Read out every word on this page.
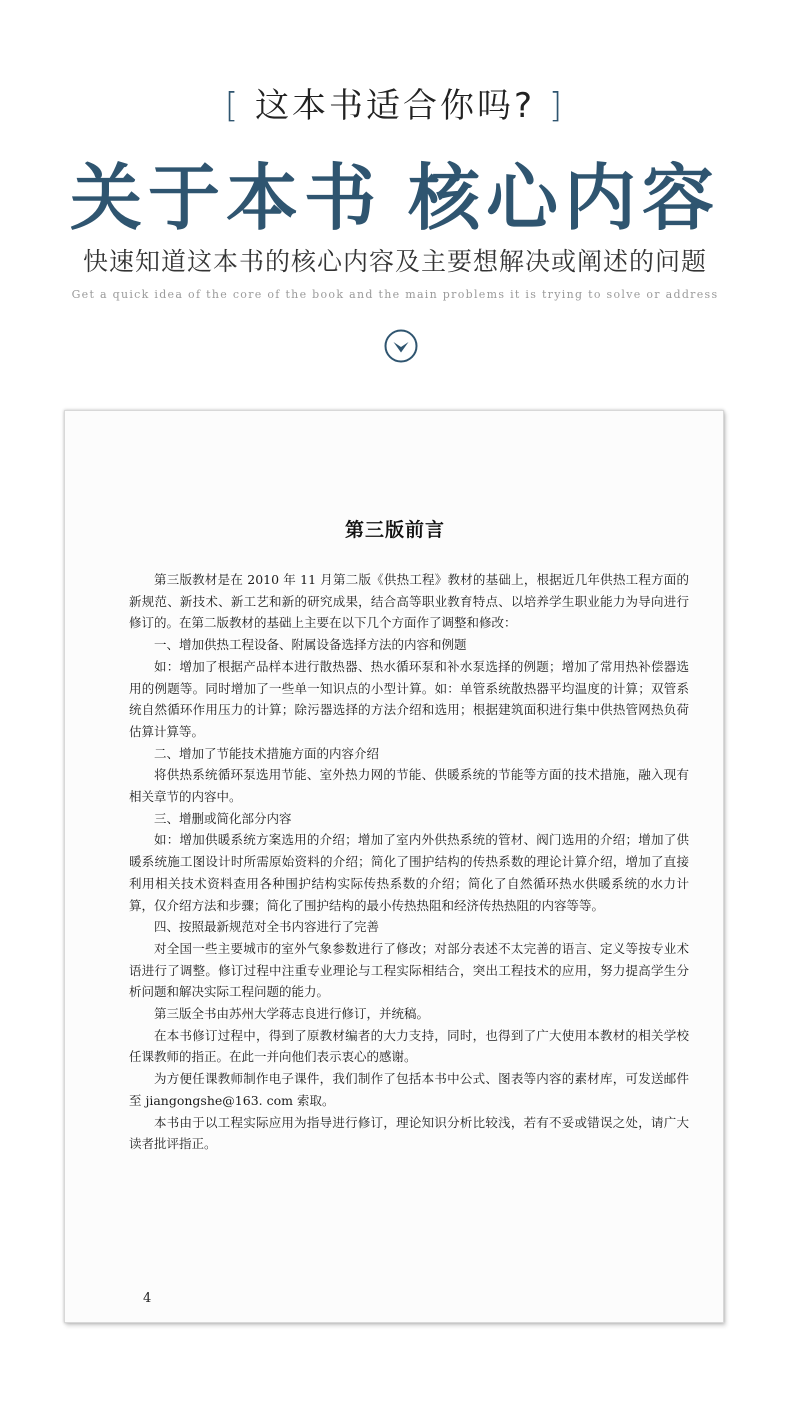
[ 这本书适合你吗? ]
关于本书 核心内容
快速知道这本书的核心内容及主要想解决或阐述的问题
Get a quick idea of the core of the book and the main problems it is trying to solve or address
第三版前言

第三版教材是在 2010 年 11 月第二版《供热工程》教材的基础上，根据近几年供热工程方面的新规范、新技术、新工艺和新的研究成果，结合高等职业教育特点、以培养学生职业能力为导向进行修订的。在第二版教材的基础上主要在以下几个方面作了调整和修改：

一、增加供热工程设备、附属设备选择方法的内容和例题

如：增加了根据产品样本进行散热器、热水循环泵和补水泵选择的例题；增加了常用热补偿器选用的例题等。同时增加了一些单一知识点的小型计算。如：单管系统散热器平均温度的计算；双管系统自然循环作用压力的计算；除污器选择的方法介绍和选用；根据建筑面积进行集中供热管网热负荷估算计算等。

二、增加了节能技术措施方面的内容介绍

将供热系统循环泵选用节能、室外热力网的节能、供暖系统的节能等方面的技术措施，融入现有相关章节的内容中。

三、增删或简化部分内容

如：增加供暖系统方案选用的介绍；增加了室内外供热系统的管材、阀门选用的介绍；增加了供暖系统施工图设计时所需原始资料的介绍；简化了围护结构的传热系数的理论计算介绍，增加了直接利用相关技术资料查用各种围护结构实际传热系数的介绍；简化了自然循环热水供暖系统的水力计算，仅介绍方法和步骤；简化了围护结构的最小传热热阻和经济传热热阻的内容等等。

四、按照最新规范对全书内容进行了完善

对全国一些主要城市的室外气象参数进行了修改；对部分表述不太完善的语言、定义等按专业术语进行了调整。修订过程中注重专业理论与工程实际相结合，突出工程技术的应用，努力提高学生分析问题和解决实际工程问题的能力。

第三版全书由苏州大学蒋志良进行修订，并统稿。

在本书修订过程中，得到了原教材编者的大力支持，同时，也得到了广大使用本教材的相关学校任课教师的指正。在此一并向他们表示衷心的感谢。

为方便任课教师制作电子课件，我们制作了包括本书中公式、图表等内容的素材库，可发送邮件至 jiangongshe@163. com 索取。

本书由于以工程实际应用为指导进行修订，理论知识分析比较浅，若有不妥或错误之处，请广大读者批评指正。

4
